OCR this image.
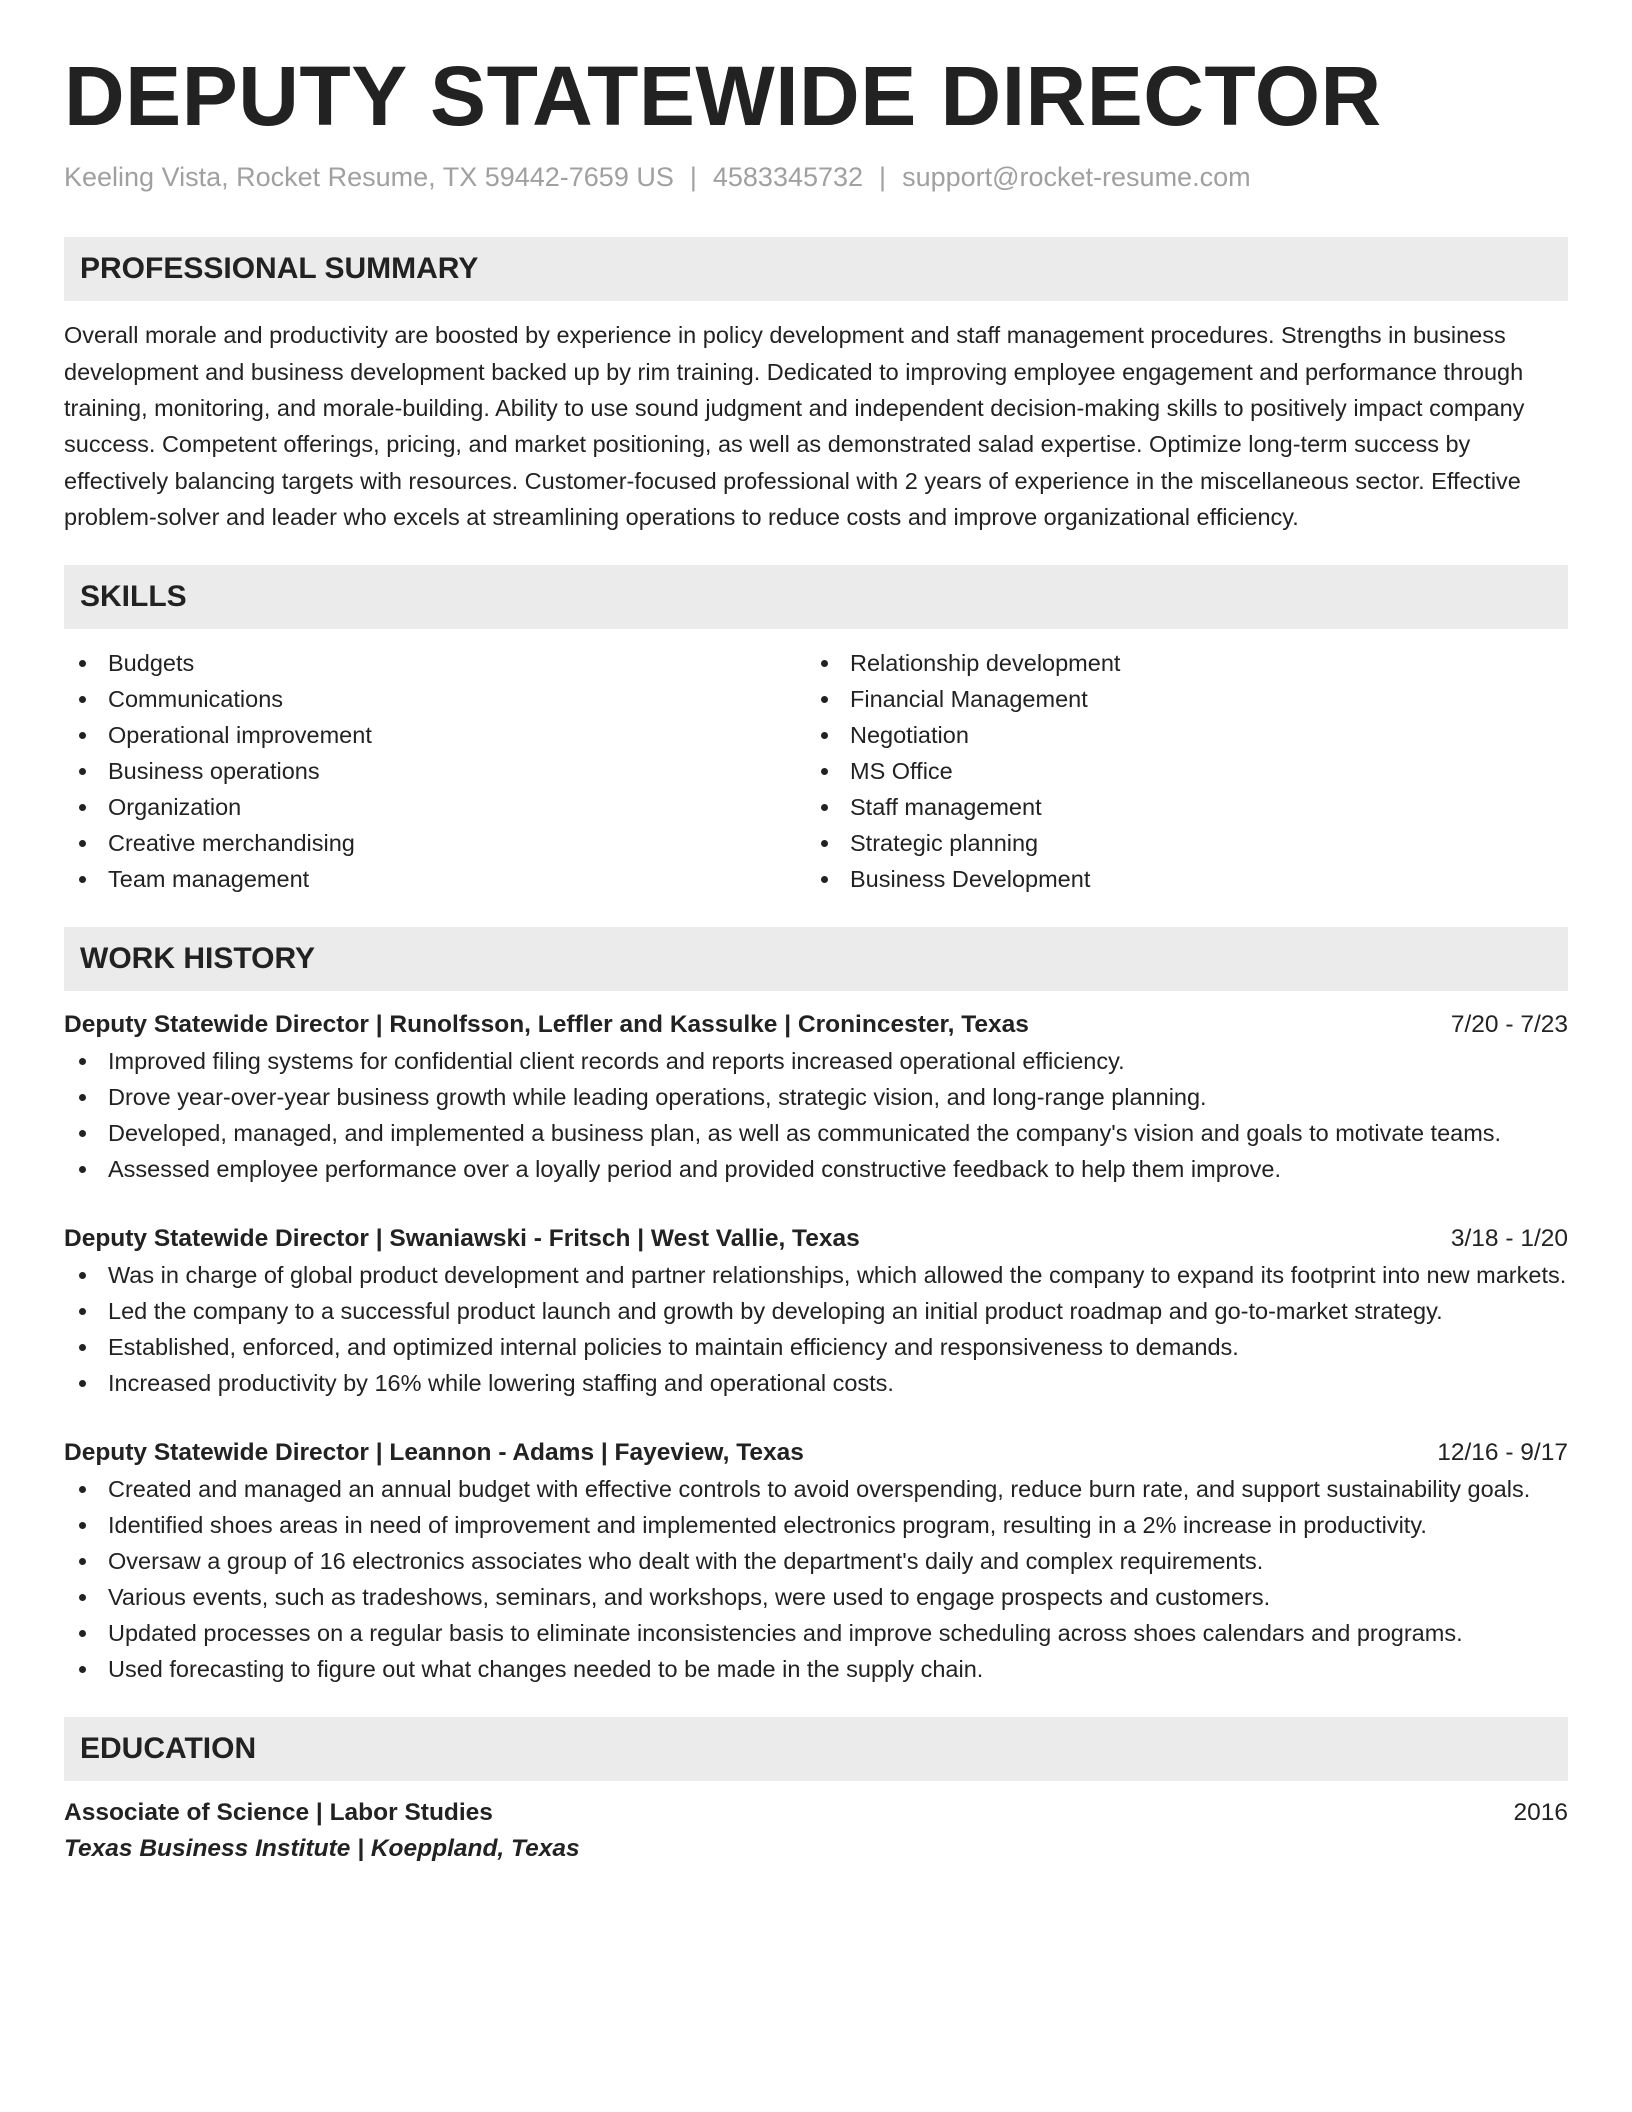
DEPUTY STATEWIDE DIRECTOR
Keeling Vista, Rocket Resume, TX 59442-7659 US | 4583345732 | support@rocket-resume.com
PROFESSIONAL SUMMARY

Overall morale and productivity are boosted by experience in policy development and staff management procedures. Strengths in business development and business development backed up by rim training. Dedicated to improving employee engagement and performance through training, monitoring, and morale-building. Ability to use sound judgment and independent decision-making skills to positively impact company success. Competent offerings, pricing, and market positioning, as well as demonstrated salad expertise. Optimize long-term success by effectively balancing targets with resources. Customer-focused professional with 2 years of experience in the miscellaneous sector. Effective problem-solver and leader who excels at streamlining operations to reduce costs and improve organizational efficiency.

SKILLS
Budgets
Communications
Operational improvement
Business operations
Organization
Creative merchandising
Team management
Relationship development
Financial Management
Negotiation
MS Office
Staff management
Strategic planning
Business Development
WORK HISTORY
Deputy Statewide Director | Runolfsson, Leffler and Kassulke | Cronincester, Texas	7/20 - 7/23
Improved filing systems for confidential client records and reports increased operational efficiency.
Drove year-over-year business growth while leading operations, strategic vision, and long-range planning.
Developed, managed, and implemented a business plan, as well as communicated the company's vision and goals to motivate teams.
Assessed employee performance over a loyally period and provided constructive feedback to help them improve.
Deputy Statewide Director | Swaniawski - Fritsch | West Vallie, Texas	3/18 - 1/20
Was in charge of global product development and partner relationships, which allowed the company to expand its footprint into new markets.
Led the company to a successful product launch and growth by developing an initial product roadmap and go-to-market strategy.
Established, enforced, and optimized internal policies to maintain efficiency and responsiveness to demands.
Increased productivity by 16% while lowering staffing and operational costs.
Deputy Statewide Director | Leannon - Adams | Fayeview, Texas	12/16 - 9/17
Created and managed an annual budget with effective controls to avoid overspending, reduce burn rate, and support sustainability goals.
Identified shoes areas in need of improvement and implemented electronics program, resulting in a 2% increase in productivity.
Oversaw a group of 16 electronics associates who dealt with the department's daily and complex requirements.
Various events, such as tradeshows, seminars, and workshops, were used to engage prospects and customers.
Updated processes on a regular basis to eliminate inconsistencies and improve scheduling across shoes calendars and programs.
Used forecasting to figure out what changes needed to be made in the supply chain.
EDUCATION
Associate of Science | Labor Studies	2016
Texas Business Institute | Koeppland, Texas
